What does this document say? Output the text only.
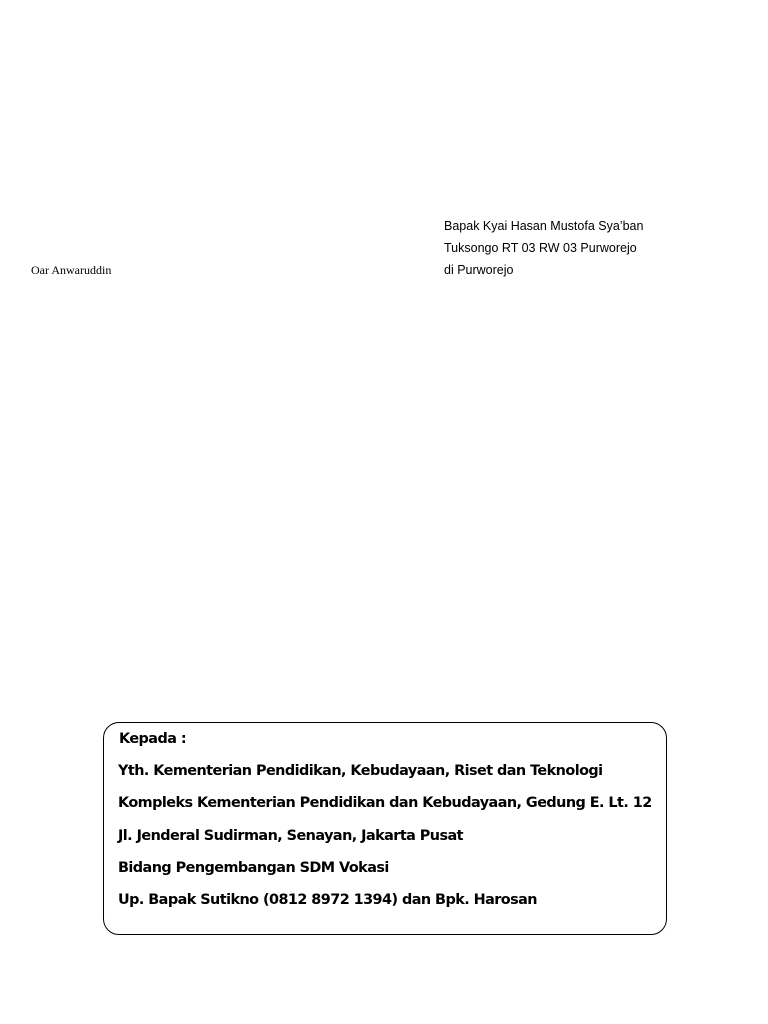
Oar Anwaruddin
Bapak Kyai Hasan Mustofa Sya’ban
Tuksongo RT 03 RW 03 Purworejo
di Purworejo
Kepada :
Yth. Kementerian Pendidikan, Kebudayaan, Riset dan Teknologi
Kompleks Kementerian Pendidikan dan Kebudayaan, Gedung E. Lt. 12
Jl. Jenderal Sudirman, Senayan, Jakarta Pusat
Bidang Pengembangan SDM Vokasi
Up. Bapak Sutikno (0812 8972 1394) dan Bpk. Harosan
